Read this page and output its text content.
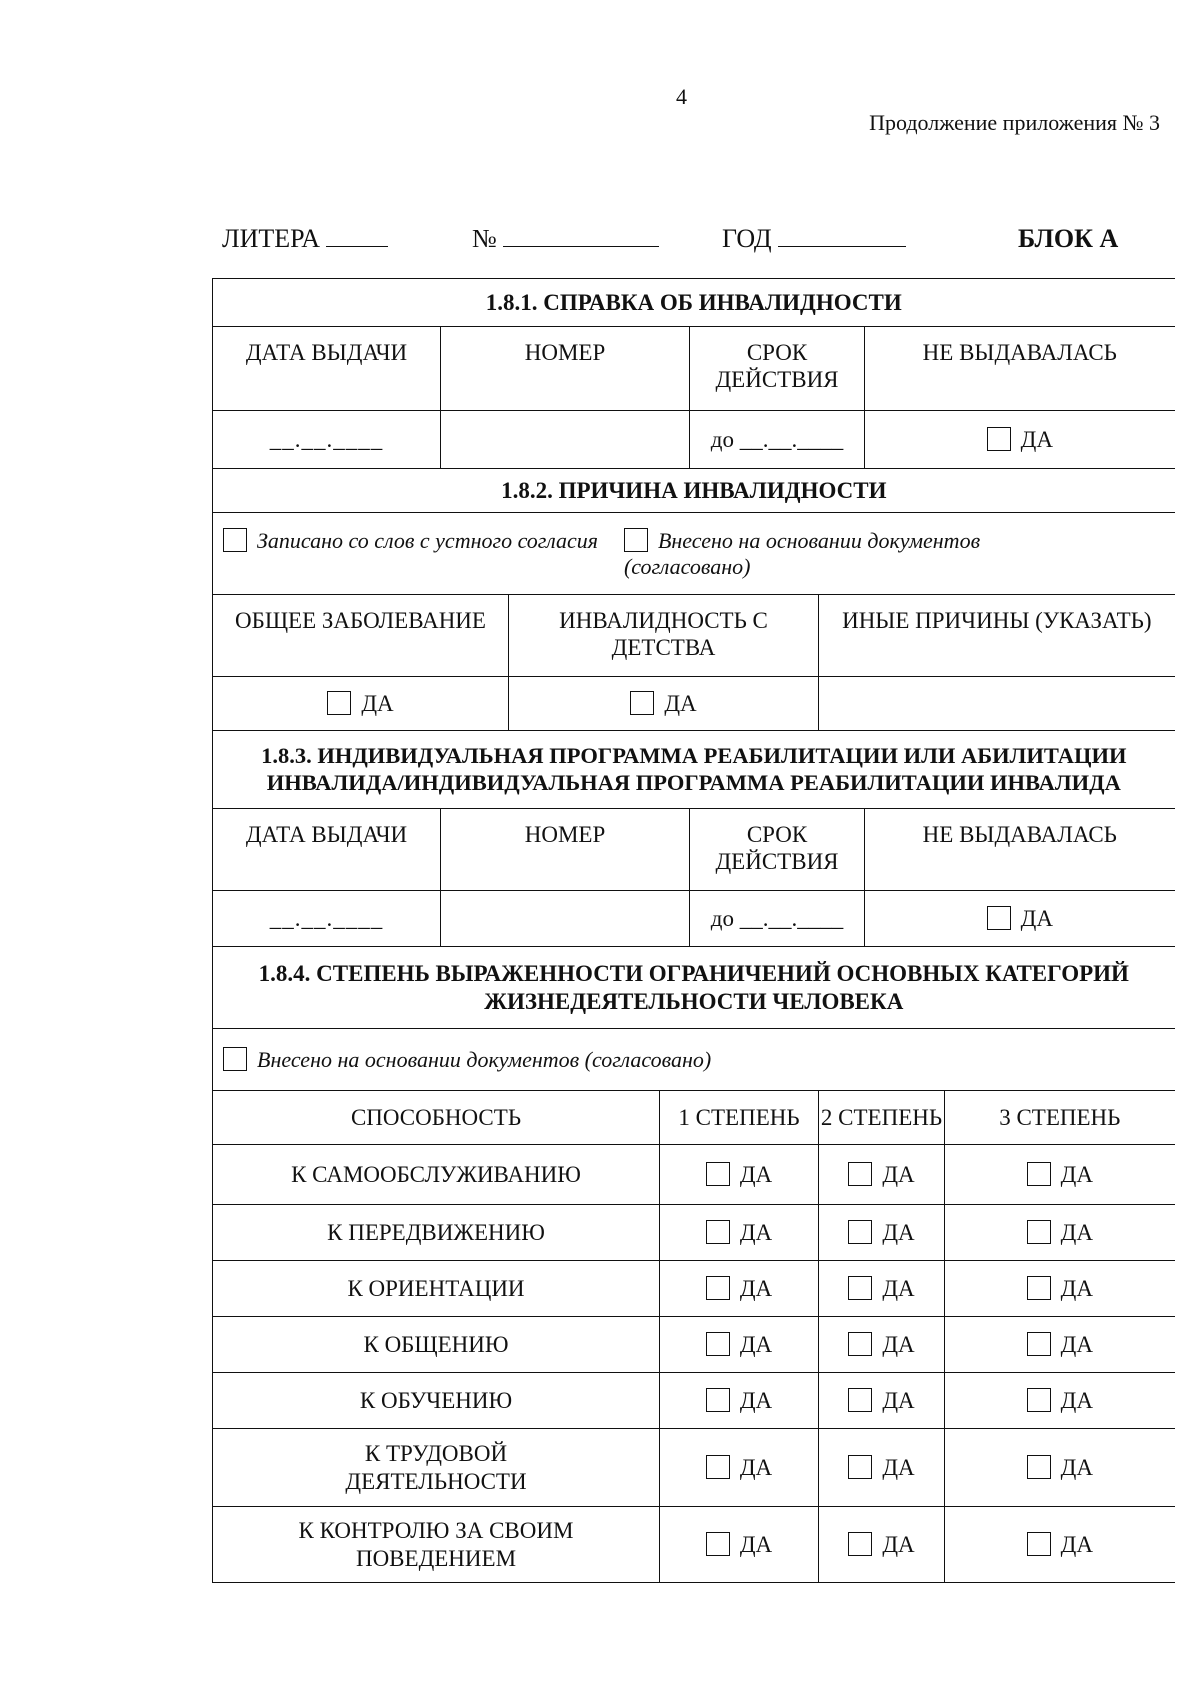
4
Продолжение приложения № 3
ЛИТЕРА	№	ГОД	БЛОК А
1.8.1. СПРАВКА ОБ ИНВАЛИДНОСТИ							
ДАТА ВЫДАЧИ	НОМЕР			СРОК ДЕЙСТВИЯ		НЕ ВЫДАВАЛАСЬ	
__.__.____				до __.__.____		ДА	
1.8.2. ПРИЧИНА ИНВАЛИДНОСТИ							
Записано со слов с устного согласия Внесено на основании документов
(согласовано)							

ОБЩЕЕ ЗАБОЛЕВАНИЕ		ИНВАЛИДНОСТЬ С ДЕТСТВА			ИНЫЕ ПРИЧИНЫ (УКАЗАТЬ)		
ДА		ДА					

1.8.3. ИНДИВИДУАЛЬНАЯ ПРОГРАММА РЕАБИЛИТАЦИИ ИЛИ АБИЛИТАЦИИ
ИНВАЛИДА/ИНДИВИДУАЛЬНАЯ ПРОГРАММА РЕАБИЛИТАЦИИ ИНВАЛИДА							

ДАТА ВЫДАЧИ	НОМЕР			СРОК ДЕЙСТВИЯ		НЕ ВЫДАВАЛАСЬ	
__.__.____				до __.__.____		ДА	

1.8.4. СТЕПЕНЬ ВЫРАЖЕННОСТИ ОГРАНИЧЕНИЙ ОСНОВНЫХ КАТЕГОРИЙ
ЖИЗНЕДЕЯТЕЛЬНОСТИ ЧЕЛОВЕКА							

Внесено на основании документов (согласовано)							
СПОСОБНОСТЬ			1 СТЕПЕНЬ		2 СТЕПЕНЬ		3 СТЕПЕНЬ
К САМООБСЛУЖИВАНИЮ			ДА		ДА		ДА
К ПЕРЕДВИЖЕНИЮ			ДА		ДА		ДА
К ОРИЕНТАЦИИ			ДА		ДА		ДА
К ОБЩЕНИЮ			ДА		ДА		ДА
К ОБУЧЕНИЮ			ДА		ДА		ДА
К ТРУДОВОЙ ДЕЯТЕЛЬНОСТИ			ДА		ДА		ДА
К КОНТРОЛЮ ЗА СВОИМ ПОВЕДЕНИЕМ			ДА		ДА		ДА
